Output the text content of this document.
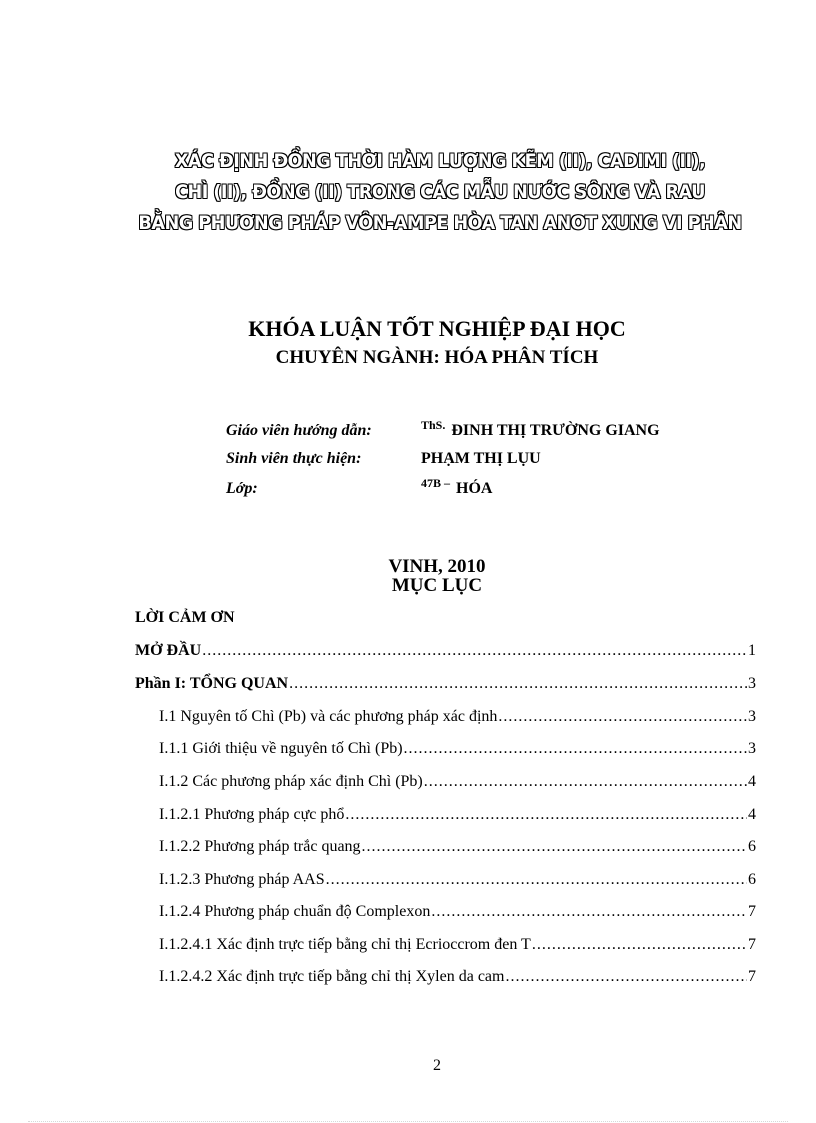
XÁC ĐỊNH ĐỒNG THỜI HÀM LƯỢNG KẼM (II), CADIMI (II),
CHÌ (II), ĐỒNG (II) TRONG CÁC MẪU NƯỚC SÔNG VÀ RAU
BẰNG PHƯƠNG PHÁP VÔN-AMPE HÒA TAN ANOT XUNG VI PHÂN
KHÓA LUẬN TỐT NGHIỆP ĐẠI HỌC
CHUYÊN NGÀNH: HÓA PHÂN TÍCH
Giáo viên hướng dẫn:	$^{ThS.}$ ĐINH THỊ TRƯỜNG GIANG
Sinh viên thực hiện:	PHẠM THỊ LỤU
Lớp:	$^{47B -}$ HÓA
VINH, 2010
MỤC LỤC
LỜI CẢM ƠN
MỞ ĐẦU .....	1
Phần I: TỔNG QUAN .....	3
I.1 Nguyên tố Chì (Pb) và các phương pháp xác định .....	3
I.1.1 Giới thiệu về nguyên tố Chì (Pb) .....	3
I.1.2 Các phương pháp xác định Chì (Pb) .....	4
I.1.2.1 Phương pháp cực phổ .....	4
I.1.2.2 Phương pháp trắc quang .....	6
I.1.2.3 Phương pháp AAS .....	6
I.1.2.4 Phương pháp chuẩn độ Complexon .....	7
I.1.2.4.1 Xác định trực tiếp bằng chỉ thị Ecrioccrom đen T .....	7
I.1.2.4.2 Xác định trực tiếp bằng chỉ thị Xylen da cam .....	7
2
